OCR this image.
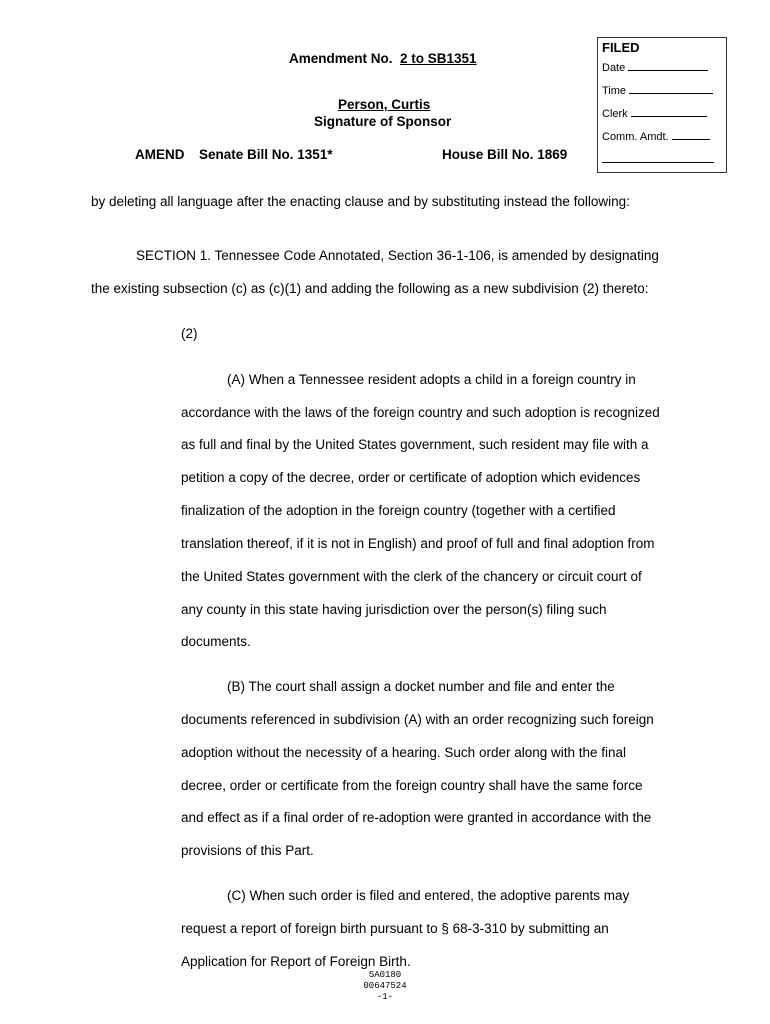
Amendment No. 2 to SB1351
Person, Curtis
Signature of Sponsor
AMEND Senate Bill No. 1351*	House Bill No. 1869
FILED
Date
Time
Clerk
Comm. Amdt.
by deleting all language after the enacting clause and by substituting instead the following:
SECTION 1. Tennessee Code Annotated, Section 36-1-106, is amended by designating
the existing subsection (c) as (c)(1) and adding the following as a new subdivision (2) thereto:
(2)
(A) When a Tennessee resident adopts a child in a foreign country in
accordance with the laws of the foreign country and such adoption is recognized
as full and final by the United States government, such resident may file with a
petition a copy of the decree, order or certificate of adoption which evidences
finalization of the adoption in the foreign country (together with a certified
translation thereof, if it is not in English) and proof of full and final adoption from
the United States government with the clerk of the chancery or circuit court of
any county in this state having jurisdiction over the person(s) filing such
documents.
(B) The court shall assign a docket number and file and enter the
documents referenced in subdivision (A) with an order recognizing such foreign
adoption without the necessity of a hearing. Such order along with the final
decree, order or certificate from the foreign country shall have the same force
and effect as if a final order of re-adoption were granted in accordance with the
provisions of this Part.
(C) When such order is filed and entered, the adoptive parents may
request a report of foreign birth pursuant to § 68-3-310 by submitting an
Application for Report of Foreign Birth.
SA0180
00647524
-1-
